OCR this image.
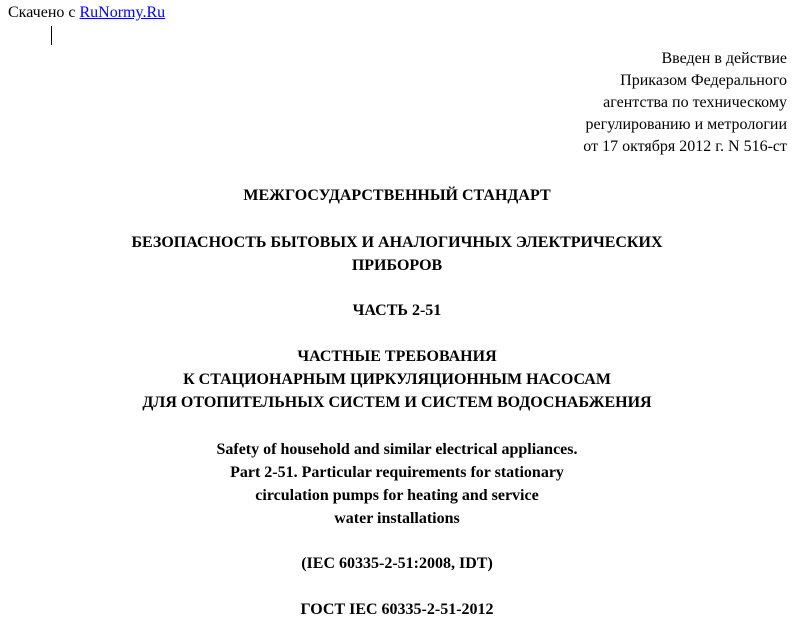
Скачено с RuNormy.Ru
Введен в действие
Приказом Федерального
агентства по техническому
регулированию и метрологии
от 17 октября 2012 г. N 516-ст
МЕЖГОСУДАРСТВЕННЫЙ СТАНДАРТ
БЕЗОПАСНОСТЬ БЫТОВЫХ И АНАЛОГИЧНЫХ ЭЛЕКТРИЧЕСКИХ
ПРИБОРОВ
ЧАСТЬ 2-51
ЧАСТНЫЕ ТРЕБОВАНИЯ
К СТАЦИОНАРНЫМ ЦИРКУЛЯЦИОННЫМ НАСОСАМ
ДЛЯ ОТОПИТЕЛЬНЫХ СИСТЕМ И СИСТЕМ ВОДОСНАБЖЕНИЯ
Safety of household and similar electrical appliances.
Part 2-51. Particular requirements for stationary
circulation pumps for heating and service
water installations
(IEC 60335-2-51:2008, IDT)
ГОСТ IEC 60335-2-51-2012
